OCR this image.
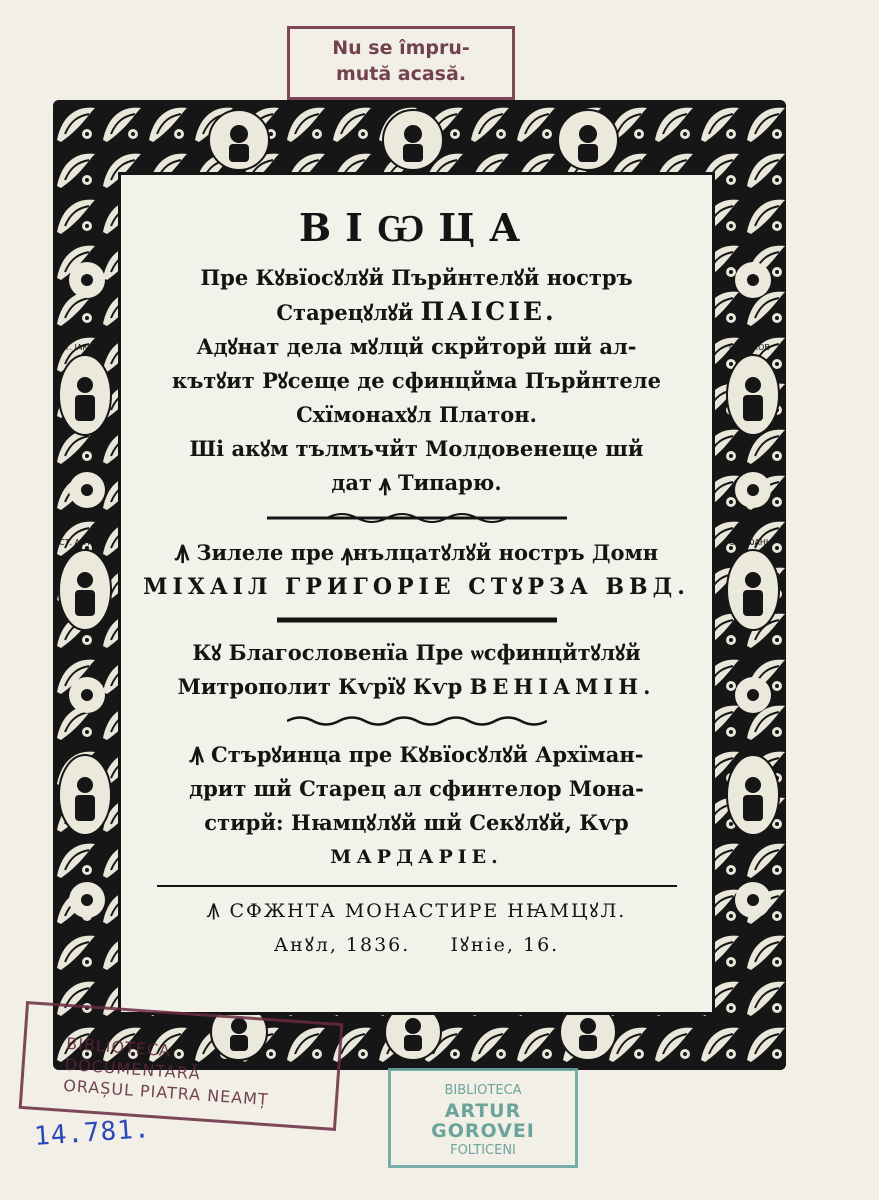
Nu se împru-
mută acasă.
СТ. ІАКО
СТ. АНТО
СТ. ВАСІЛ
СТ. ІАКОВ
СТ. ІѠАНН
СТ. ФЕОДО
ВІѠЦА
Пре Кꙋвїосꙋлꙋй Пърйнтелꙋй ностръ
Старецꙋлꙋй ПАІСІЕ.
Адꙋнат дела мꙋлцй скрйторй шй ал-
кътꙋит Рꙋсеще де сфинцйма Пърйнтеле
Схїмонахꙋл Платон.
Ші акꙋм тълмъчйт Молдовенеще шй
дат ꙟ Типарю.
Ꙟ Зилеле пре ꙟнълцатꙋлꙋй ностръ Домн
МІХАІЛ ГРИГОРІЕ СТꙋРЗА ВВД.
Кꙋ Благословенїа Пре ѡсфинцйтꙋлꙋй
Митрополит Кѵрїꙋ Кѵр ВЕНІАМІН.
Ꙟ Стърꙋинца пре Кꙋвїосꙋлꙋй Архїман-
дрит шй Старец ал сфинтелор Мона-
стирй: Нꙗмцꙋлꙋй шй Секꙋлꙋй, Кѵр
МАРДАРІЕ.
Ꙟ СФЖНТА МОНАСТИРЕ НꙖМЦꙋЛ.
Анꙋл, 1836. Іꙋніе, 16.
BIBLIOTECA
DOCUMENTARĂ
ORAȘUL PIATRA NEAMȚ	BIBLIOTECA
ARTUR GOROVEI
FOLTICENI
14.781.
